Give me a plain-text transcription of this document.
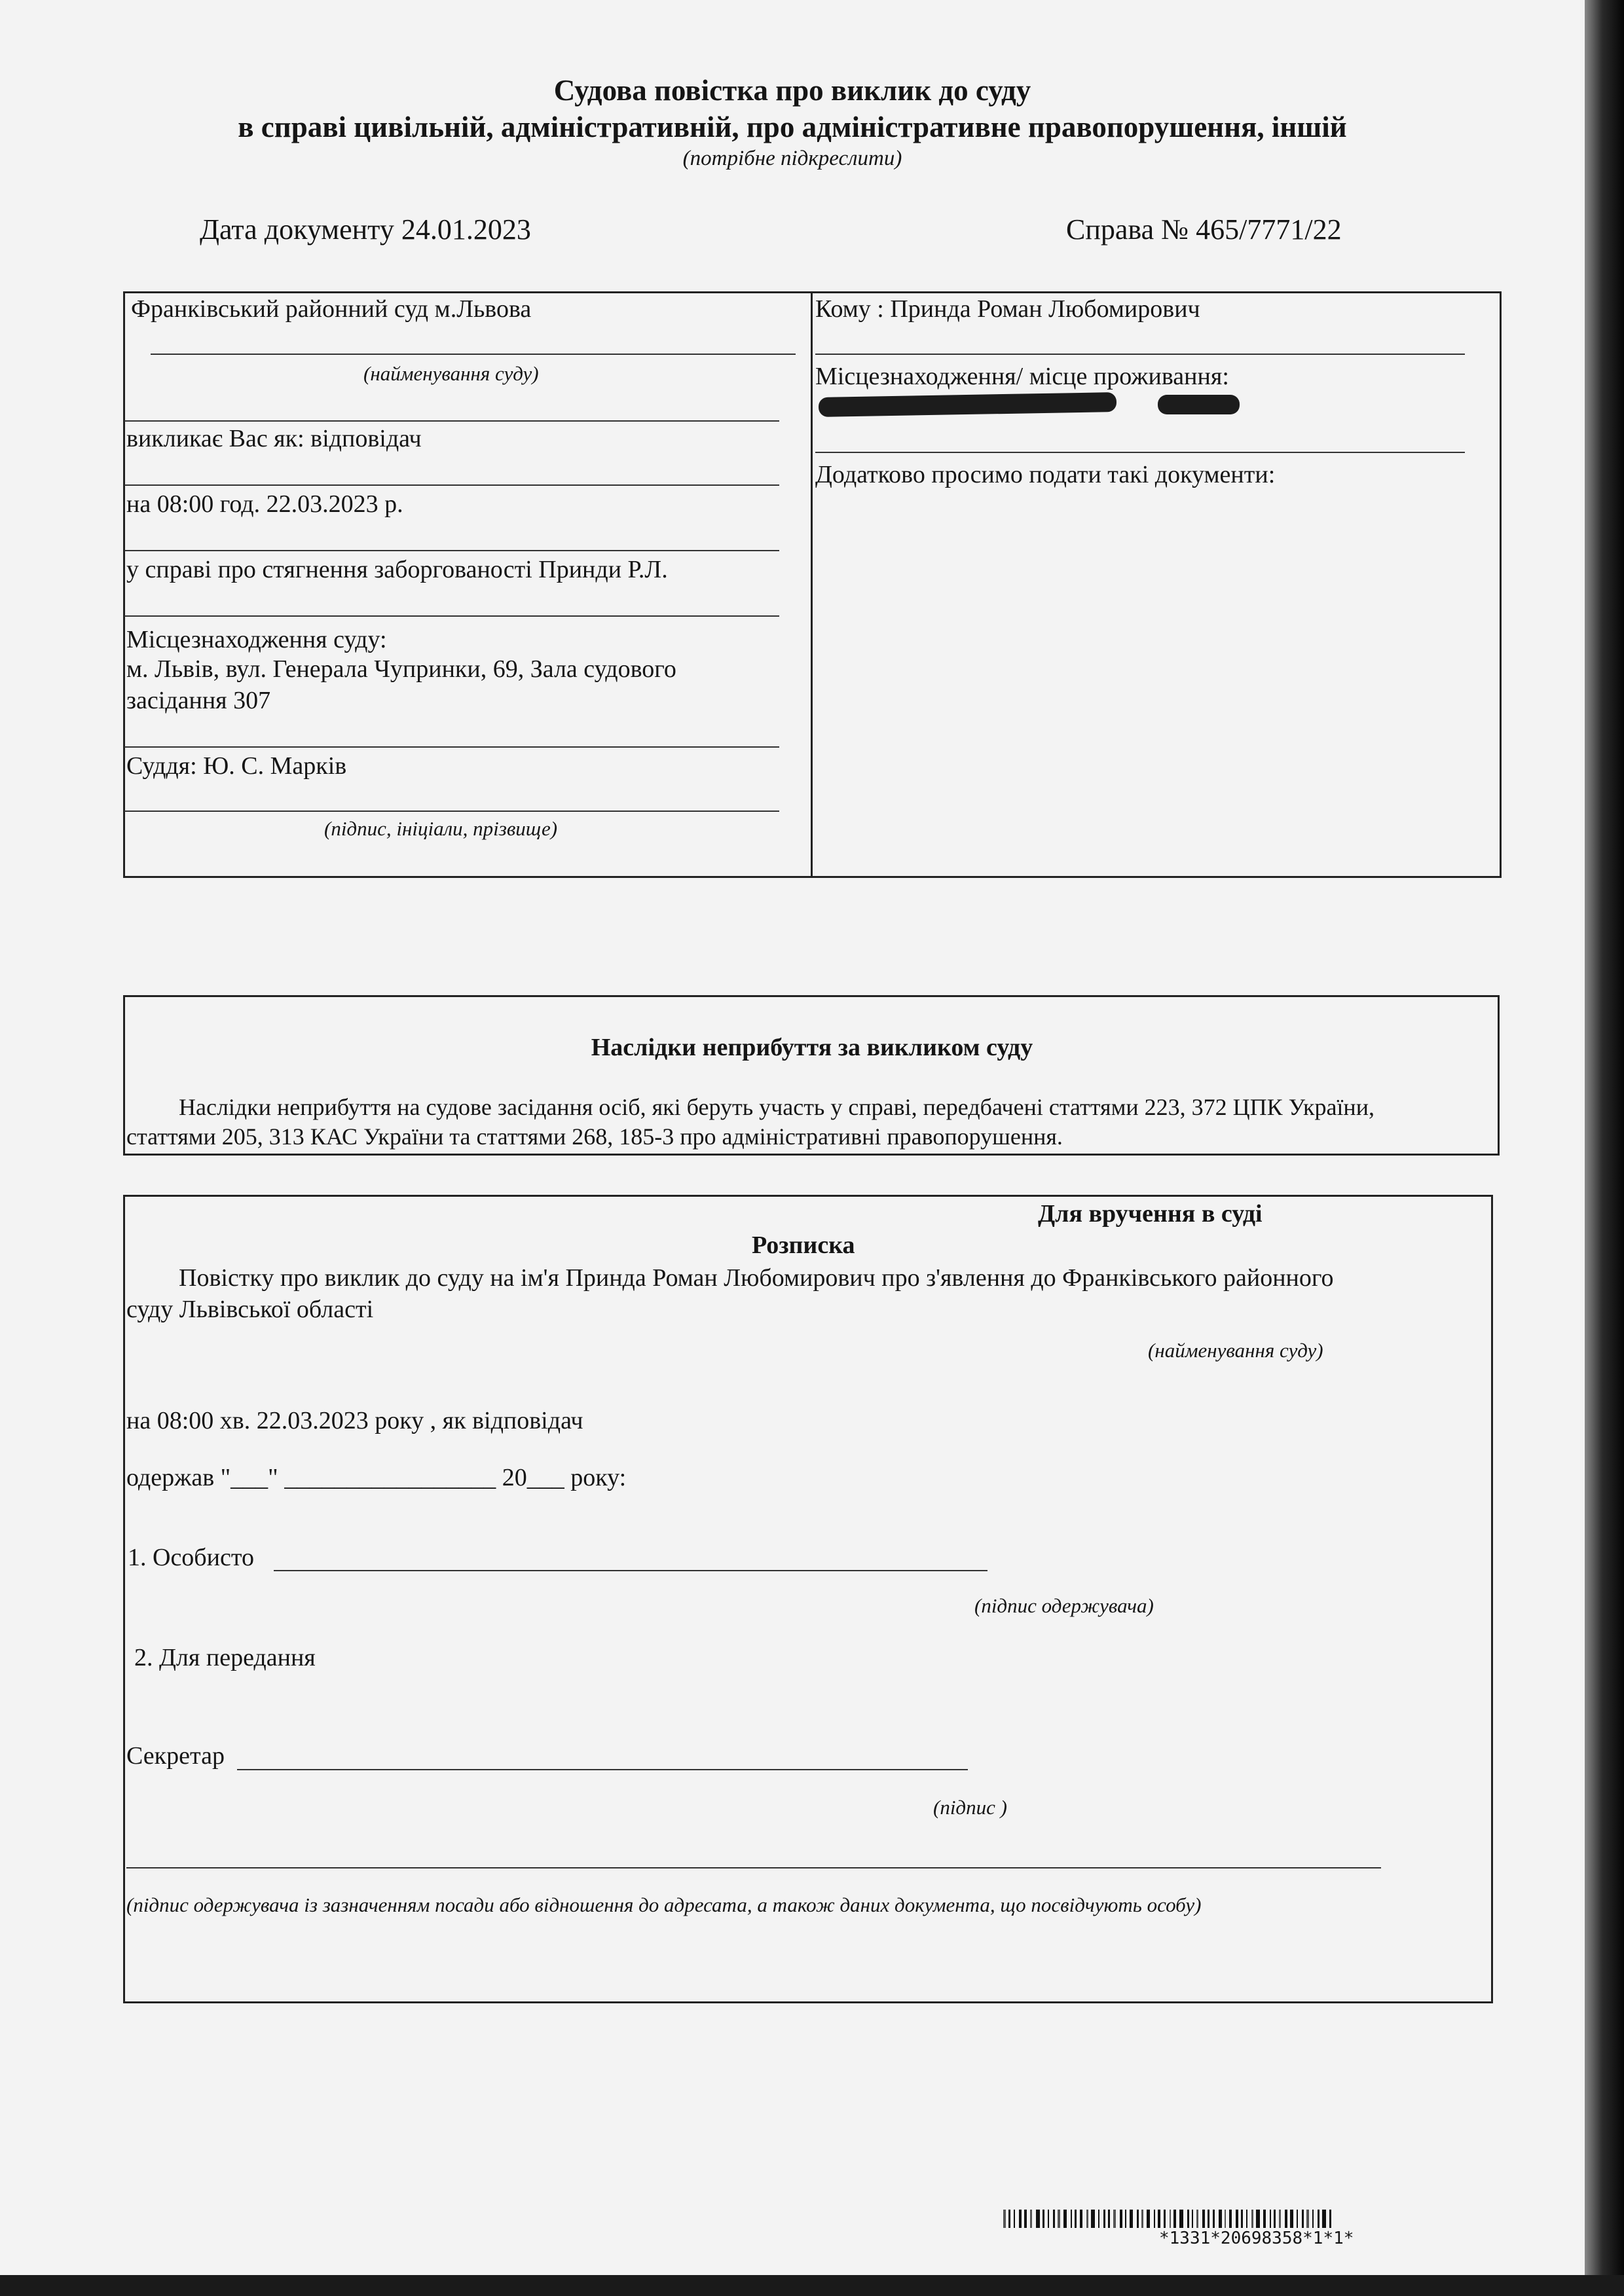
Судова повістка про виклик до суду
в справі цивільній, адміністративній, про адміністративне правопорушення, іншій
(потрібне підкреслити)
Дата документу 24.01.2023	Справа № 465/7771/22
Франківський районний суд м.Львова
(найменування суду)
викликає Вас як: відповідач
на 08:00 год. 22.03.2023 р.
у справі про стягнення заборгованості Принди Р.Л.
Місцезнаходження суду:
м. Львів, вул. Генерала Чупринки, 69, Зала судового
засідання 307
Суддя: Ю. С. Марків
(підпис, ініціали, прізвище)
Кому : Принда Роман Любомирович
Місцезнаходження/ місце проживання:
Додатково просимо подати такі документи:
Наслідки неприбуття за викликом суду
Наслідки неприбуття на судове засідання осіб, які беруть участь у справі, передбачені статтями 223, 372 ЦПК України,
статтями 205, 313 КАС України та статтями 268, 185-3 про адміністративні правопорушення.
Для вручення в суді
Розписка
Повістку про виклик до суду на ім'я Принда Роман Любомирович про з'явлення до Франківського районного
суду Львівської області
(найменування суду)
на 08:00 хв. 22.03.2023 року , як відповідач
одержав "___" _________________ 20___ року:
1. Особисто
(підпис одержувача)
2. Для передання
Секретар
(підпис )
(підпис одержувача із зазначенням посади або відношення до адресата, а також даних документа, що посвідчують особу)
*1331*20698358*1*1*
